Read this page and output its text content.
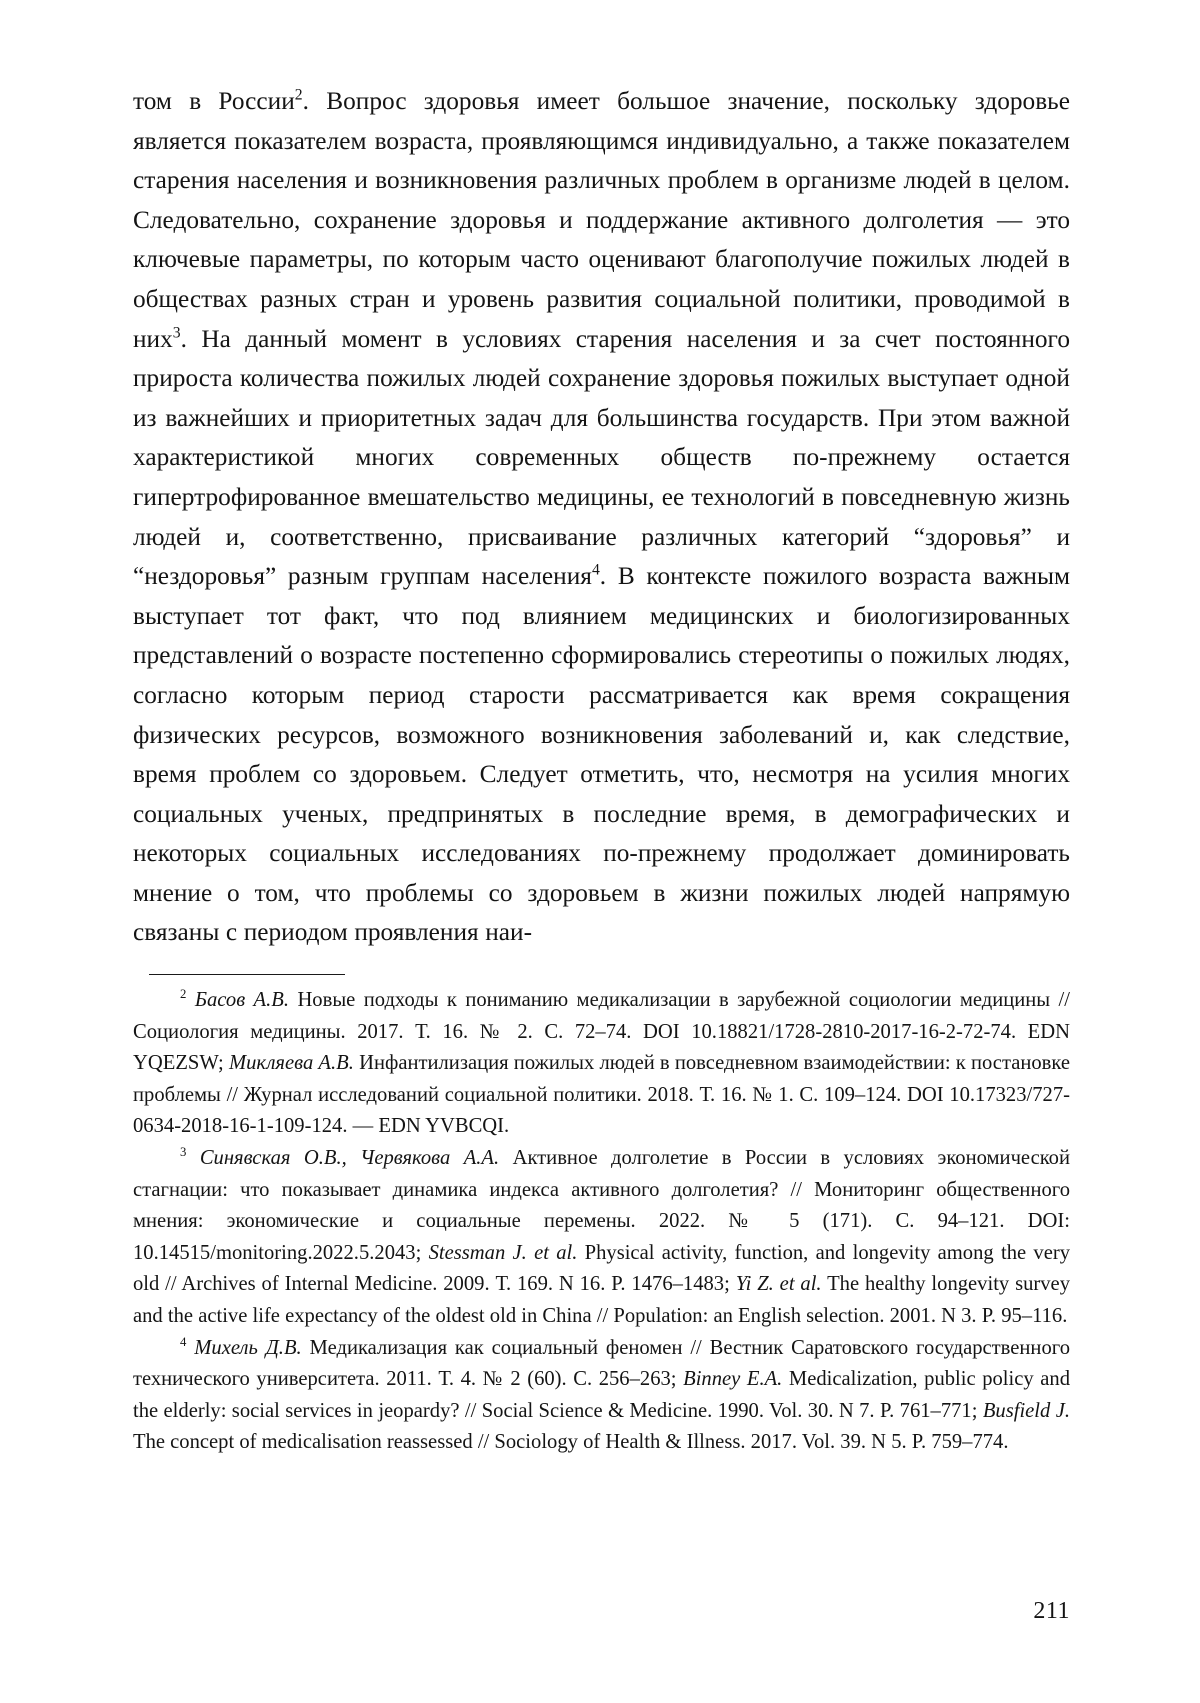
том в России$^2$. Вопрос здоровья имеет большое значение, поскольку здоровье является показателем возраста, проявляющимся индивидуально, а также показателем старения населения и возникновения различных проблем в организме людей в целом. Следовательно, сохранение здоровья и поддержание активного долголетия — это ключевые параметры, по которым часто оценивают благополучие пожилых людей в обществах разных стран и уровень развития социальной политики, проводимой в них$^3$. На данный момент в условиях старения населения и за счет постоянного прироста количества пожилых людей сохранение здоровья пожилых выступает одной из важнейших и приоритетных задач для большинства государств. При этом важной характеристикой многих современных обществ по-прежнему остается гипертрофированное вмешательство медицины, ее технологий в повседневную жизнь людей и, соответственно, присваивание различных категорий “здоровья” и “нездоровья” разным группам населения$^4$. В контексте пожилого возраста важным выступает тот факт, что под влиянием медицинских и биологизированных представлений о возрасте постепенно сформировались стереотипы о пожилых людях, согласно которым период старости рассматривается как время сокращения физических ресурсов, возможного возникновения заболеваний и, как следствие, время проблем со здоровьем. Следует отметить, что, несмотря на усилия многих социальных ученых, предпринятых в последние время, в демографических и некоторых социальных исследованиях по-прежнему продолжает доминировать мнение о том, что проблемы со здоровьем в жизни пожилых людей напрямую связаны с периодом проявления наи-

$^2$ Басов А.В. Новые подходы к пониманию медикализации в зарубежной социологии медицины // Социология медицины. 2017. Т. 16. № 2. С. 72–74. DOI 10.18821/1728-2810-2017-16-2-72-74. EDN YQEZSW; Микляева А.В. Инфантилизация пожилых людей в повседневном взаимодействии: к постановке проблемы // Журнал исследований социальной политики. 2018. Т. 16. № 1. С. 109–124. DOI 10.17323/727-0634-2018-16-1-109-124. — EDN YVBCQI.

$^3$ Синявская О.В., Червякова А.А. Активное долголетие в России в условиях экономической стагнации: что показывает динамика индекса активного долголетия? // Мониторинг общественного мнения: экономические и социальные перемены. 2022. № 5 (171). С. 94–121. DOI: 10.14515/monitoring.2022.5.2043; Stessman J. et al. Physical activity, function, and longevity among the very old // Archives of Internal Medicine. 2009. Т. 169. N 16. P. 1476–1483; Yi Z. et al. The healthy longevity survey and the active life expectancy of the oldest old in China // Population: an English selection. 2001. N 3. P. 95–116.

$^4$ Михель Д.В. Медикализация как социальный феномен // Вестник Саратовского государственного технического университета. 2011. Т. 4. № 2 (60). С. 256–263; Binney E.A. Medicalization, public policy and the elderly: social services in jeopardy? // Social Science & Medicine. 1990. Vol. 30. N 7. P. 761–771; Busfield J. The concept of medicalisation reassessed // Sociology of Health & Illness. 2017. Vol. 39. N 5. P. 759–774.

211
